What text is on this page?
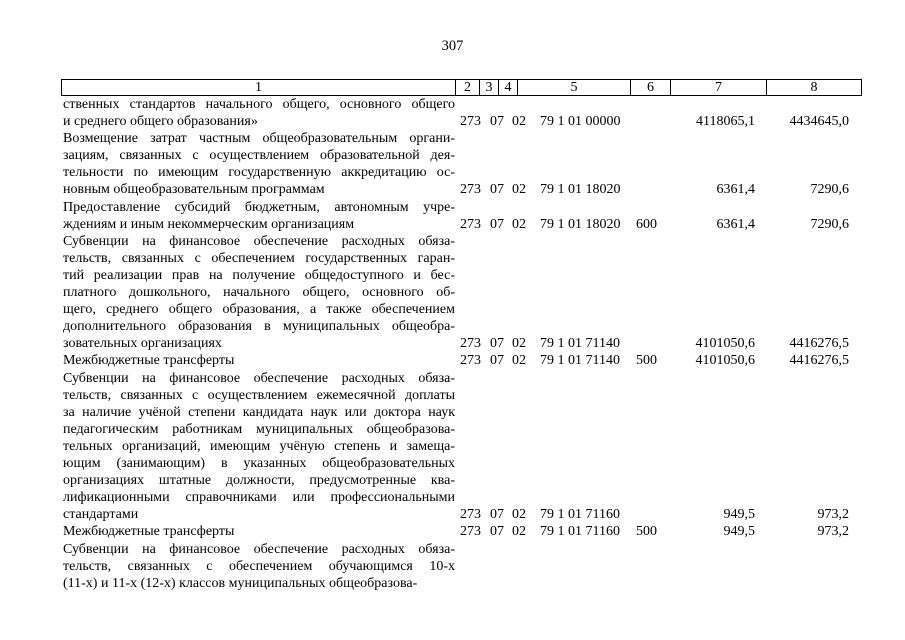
307
1	2	3 4	5	6	7	8
ственных стандартов начального общего, основного общего
и среднего общего образования»	273 07 02	79 1 01 00000	4118065,1	4434645,0
Возмещение затрат частным общеобразовательным органи-
зациям, связанных с осуществлением образовательной дея-
тельности по имеющим государственную аккредитацию ос-
новным общеобразовательным программам	273 07 02	79 1 01 18020	6361,4	7290,6
Предоставление субсидий бюджетным, автономным учре-
ждениям и иным некоммерческим организациям	273 07 02	79 1 01 18020	600	6361,4	7290,6
Субвенции на финансовое обеспечение расходных обяза-
тельств, связанных с обеспечением государственных гаран-
тий реализации прав на получение общедоступного и бес-
платного дошкольного, начального общего, основного об-
щего, среднего общего образования, а также обеспечением
дополнительного образования в муниципальных общеобра-
зовательных организациях	273 07 02	79 1 01 71140	4101050,6	4416276,5
Межбюджетные трансферты	273 07 02	79 1 01 71140	500	4101050,6	4416276,5
Субвенции на финансовое обеспечение расходных обяза-
тельств, связанных с осуществлением ежемесячной доплаты
за наличие учёной степени кандидата наук или доктора наук
педагогическим работникам муниципальных общеобразова-
тельных организаций, имеющим учёную степень и замеща-
ющим (занимающим) в указанных общеобразовательных
организациях штатные должности, предусмотренные ква-
лификационными справочниками или профессиональными
стандартами	273 07 02	79 1 01 71160	949,5	973,2
Межбюджетные трансферты	273 07 02	79 1 01 71160	500	949,5	973,2
Субвенции на финансовое обеспечение расходных обяза-
тельств, связанных с обеспечением обучающимся 10-х
(11-х) и 11-х (12-х) классов муниципальных общеобразова-
